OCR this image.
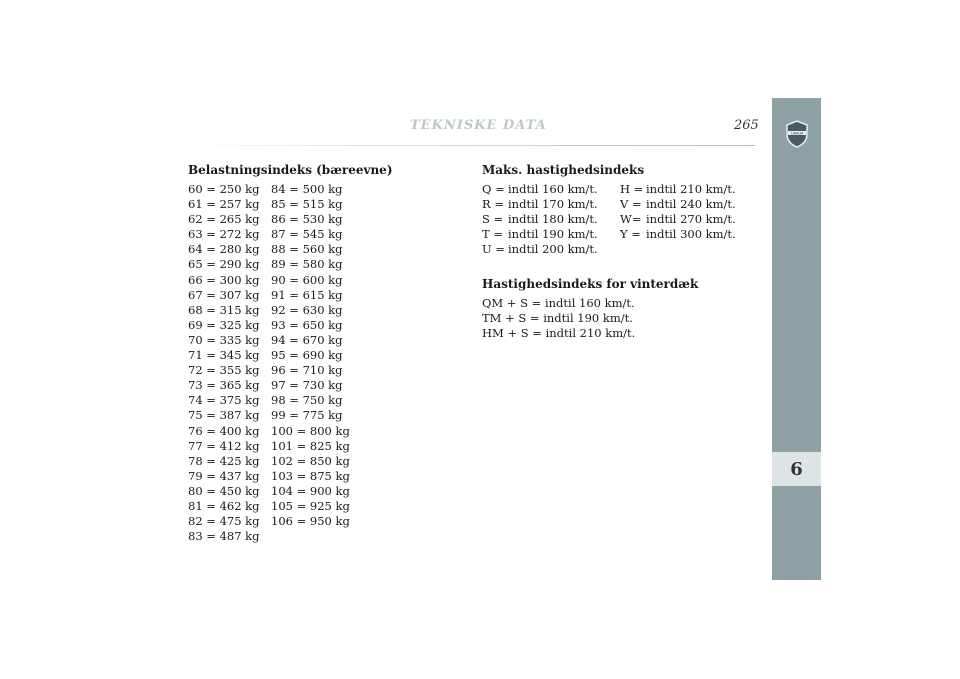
TEKNISKE DATA	265
LANCIA
6
Belastningsindeks (bæreevne)
60 = 250 kg
61 = 257 kg
62 = 265 kg
63 = 272 kg
64 = 280 kg
65 = 290 kg
66 = 300 kg
67 = 307 kg
68 = 315 kg
69 = 325 kg
70 = 335 kg
71 = 345 kg
72 = 355 kg
73 = 365 kg
74 = 375 kg
75 = 387 kg
76 = 400 kg
77 = 412 kg
78 = 425 kg
79 = 437 kg
80 = 450 kg
81 = 462 kg
82 = 475 kg
83 = 487 kg
84 = 500 kg
85 = 515 kg
86 = 530 kg
87 = 545 kg
88 = 560 kg
89 = 580 kg
90 = 600 kg
91 = 615 kg
92 = 630 kg
93 = 650 kg
94 = 670 kg
95 = 690 kg
96 = 710 kg
97 = 730 kg
98 = 750 kg
99 = 775 kg
100 = 800 kg
101 = 825 kg
102 = 850 kg
103 = 875 kg
104 = 900 kg
105 = 925 kg
106 = 950 kg
Maks. hastighedsindeks
Q = indtil 160 km/t.
R = indtil 170 km/t.
S = indtil 180 km/t.
T = indtil 190 km/t.
U = indtil 200 km/t.
H = indtil 210 km/t.
V = indtil 240 km/t.
W= indtil 270 km/t.
Y = indtil 300 km/t.
Hastighedsindeks for vinterdæk
QM + S = indtil 160 km/t.
TM + S = indtil 190 km/t.
HM + S = indtil 210 km/t.
